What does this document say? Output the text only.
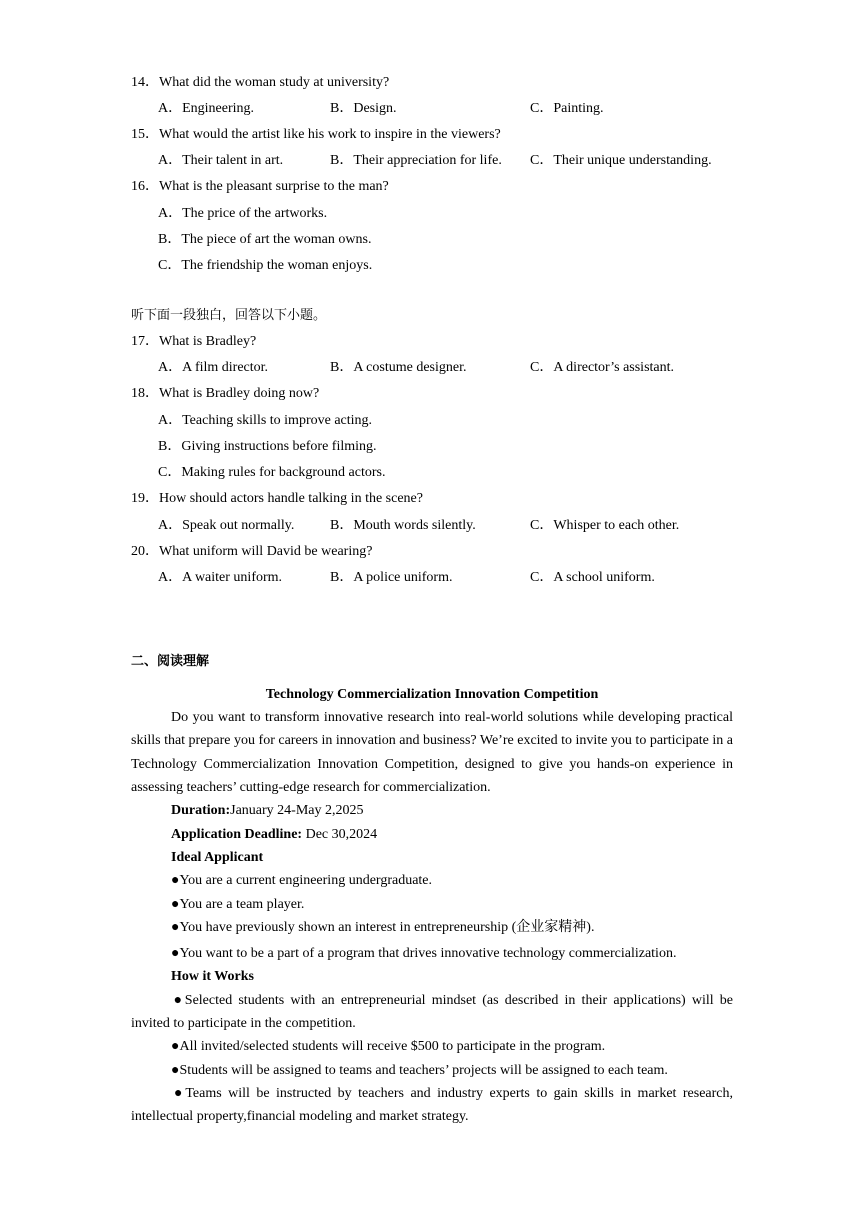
14．What did the woman study at university?
A．Engineering.	B．Design.	C．Painting.
15．What would the artist like his work to inspire in the viewers?
A．Their talent in art.	B．Their appreciation for life. C．Their unique understanding.
16．What is the pleasant surprise to the man?
A．The price of the artworks.
B．The piece of art the woman owns.
C．The friendship the woman enjoys.
听下面一段独白，回答以下小题。
17．What is Bradley?
A．A film director.	B．A costume designer.	C．A director’s assistant.
18．What is Bradley doing now?
A．Teaching skills to improve acting.
B．Giving instructions before filming.
C．Making rules for background actors.
19．How should actors handle talking in the scene?
A．Speak out normally.	B．Mouth words silently.	C．Whisper to each other.
20．What uniform will David be wearing?
A．A waiter uniform.	B．A police uniform.	C．A school uniform.
二、阅读理解
Technology Commercialization Innovation Competition
Do you want to transform innovative research into real-world solutions while developing practical skills that prepare you for careers in innovation and business? We’re excited to invite you to participate in a Technology Commercialization Innovation Competition, designed to give you hands-on experience in assessing teachers’ cutting-edge research for commercialization.
Duration:January 24-May 2,2025
Application Deadline: Dec 30,2024
Ideal Applicant
●You are a current engineering undergraduate.
●You are a team player.
●You have previously shown an interest in entrepreneurship (企业家精神).
●You want to be a part of a program that drives innovative technology commercialization.
How it Works
●Selected students with an entrepreneurial mindset (as described in their applications) will be invited to participate in the competition.
●All invited/selected students will receive $500 to participate in the program.
●Students will be assigned to teams and teachers’ projects will be assigned to each team.
●Teams will be instructed by teachers and industry experts to gain skills in market research, intellectual property,financial modeling and market strategy.
